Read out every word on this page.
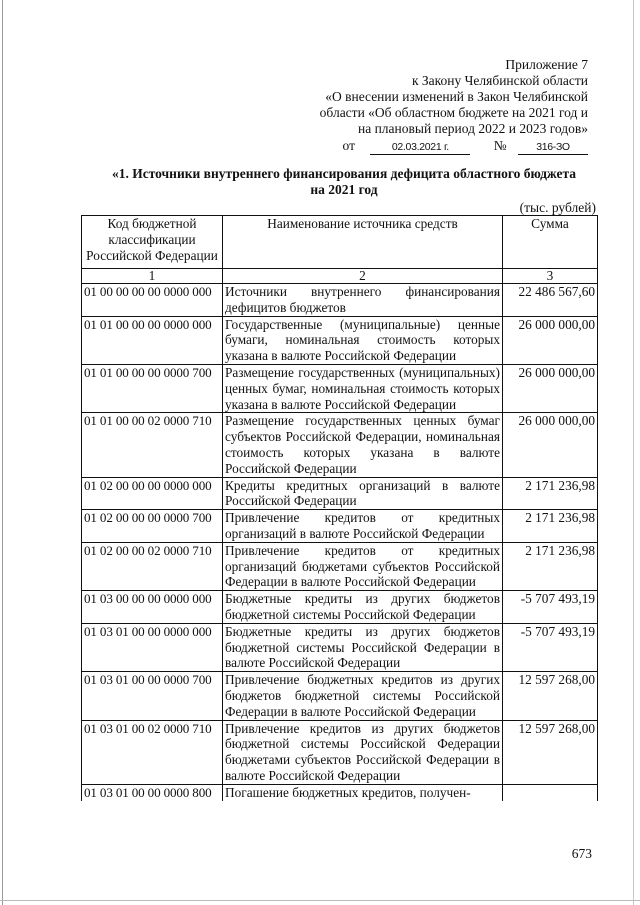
Приложение 7
к Закону Челябинской области
«О внесении изменений в Закон Челябинской
области «Об областном бюджете на 2021 год и
на плановый период 2022 и 2023 годов»
от	02.03.2021 г.	№	316-ЗО
«1. Источники внутреннего финансирования дефицита областного бюджета
на 2021 год
(тыс. рублей)
Код бюджетной классификации Российской Федерации	Наименование источника средств	Сумма
1	2	3
01 00 00 00 00 0000 000	Источники внутреннего финансирования дефицитов бюджетов	22 486 567,60
01 01 00 00 00 0000 000	Государственные (муниципальные) ценные бумаги, номинальная стоимость которых указана в валюте Российской Федерации	26 000 000,00
01 01 00 00 00 0000 700	Размещение государственных (муниципальных) ценных бумаг, номинальная стоимость которых указана в валюте Российской Федерации	26 000 000,00
01 01 00 00 02 0000 710	Размещение государственных ценных бумаг субъектов Российской Федерации, номинальная стоимость которых указана в валюте Российской Федерации	26 000 000,00
01 02 00 00 00 0000 000	Кредиты кредитных организаций в валюте Российской Федерации	2 171 236,98
01 02 00 00 00 0000 700	Привлечение кредитов от кредитных организаций в валюте Российской Федерации	2 171 236,98
01 02 00 00 02 0000 710	Привлечение кредитов от кредитных организаций бюджетами субъектов Российской Федерации в валюте Российской Федерации	2 171 236,98
01 03 00 00 00 0000 000	Бюджетные кредиты из других бюджетов бюджетной системы Российской Федерации	-5 707 493,19
01 03 01 00 00 0000 000	Бюджетные кредиты из других бюджетов бюджетной системы Российской Федерации в валюте Российской Федерации	-5 707 493,19
01 03 01 00 00 0000 700	Привлечение бюджетных кредитов из других бюджетов бюджетной системы Российской Федерации в валюте Российской Федерации	12 597 268,00
01 03 01 00 02 0000 710	Привлечение кредитов из других бюджетов бюджетной системы Российской Федерации бюджетами субъектов Российской Федерации в валюте Российской Федерации	12 597 268,00
01 03 01 00 00 0000 800	Погашение бюджетных кредитов, получен-	
673
